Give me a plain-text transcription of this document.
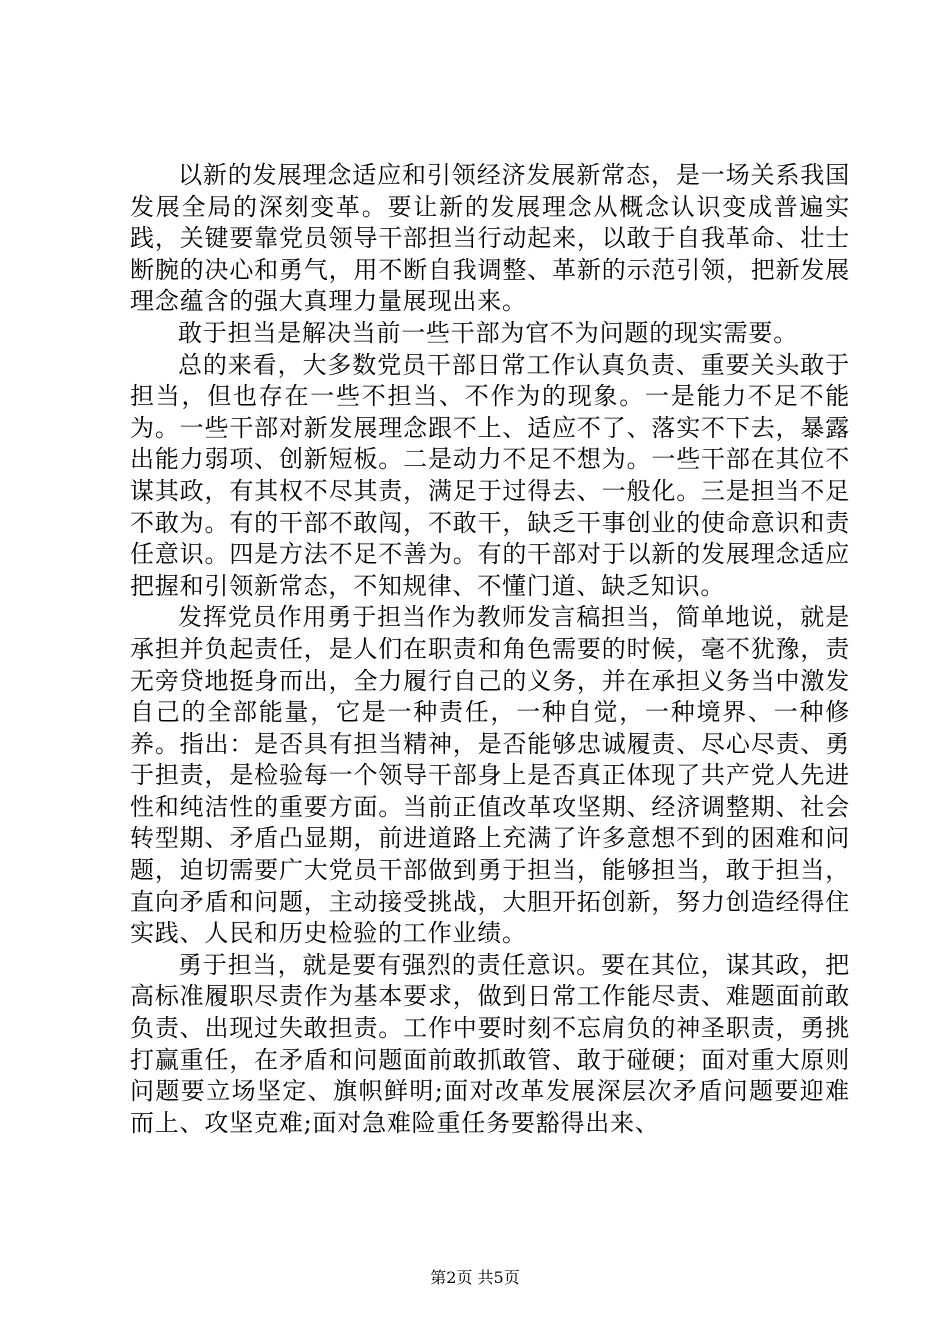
以新的发展理念适应和引领经济发展新常态，是一场关系我国发展全局的深刻变革。要让新的发展理念从概念认识变成普遍实践，关键要靠党员领导干部担当行动起来，以敢于自我革命、壮士断腕的决心和勇气，用不断自我调整、革新的示范引领，把新发展理念蕴含的强大真理力量展现出来。

敢于担当是解决当前一些干部为官不为问题的现实需要。

总的来看，大多数党员干部日常工作认真负责、重要关头敢于担当，但也存在一些不担当、不作为的现象。一是能力不足不能为。一些干部对新发展理念跟不上、适应不了、落实不下去，暴露出能力弱项、创新短板。二是动力不足不想为。一些干部在其位不谋其政，有其权不尽其责，满足于过得去、一般化。三是担当不足不敢为。有的干部不敢闯，不敢干，缺乏干事创业的使命意识和责任意识。四是方法不足不善为。有的干部对于以新的发展理念适应把握和引领新常态，不知规律、不懂门道、缺乏知识。

发挥党员作用勇于担当作为教师发言稿担当，简单地说，就是承担并负起责任，是人们在职责和角色需要的时候，毫不犹豫，责无旁贷地挺身而出，全力履行自己的义务，并在承担义务当中激发自己的全部能量，它是一种责任，一种自觉，一种境界、一种修养。指出：是否具有担当精神，是否能够忠诚履责、尽心尽责、勇于担责，是检验每一个领导干部身上是否真正体现了共产党人先进性和纯洁性的重要方面。当前正值改革攻坚期、经济调整期、社会转型期、矛盾凸显期，前进道路上充满了许多意想不到的困难和问题，迫切需要广大党员干部做到勇于担当，能够担当，敢于担当，直向矛盾和问题，主动接受挑战，大胆开拓创新，努力创造经得住实践、人民和历史检验的工作业绩。

勇于担当，就是要有强烈的责任意识。要在其位，谋其政，把高标准履职尽责作为基本要求，做到日常工作能尽责、难题面前敢负责、出现过失敢担责。工作中要时刻不忘肩负的神圣职责，勇挑打赢重任，在矛盾和问题面前敢抓敢管、敢于碰硬；面对重大原则问题要立场坚定、旗帜鲜明;面对改革发展深层次矛盾问题要迎难而上、攻坚克难;面对急难险重任务要豁得出来、

第2页 共5页
